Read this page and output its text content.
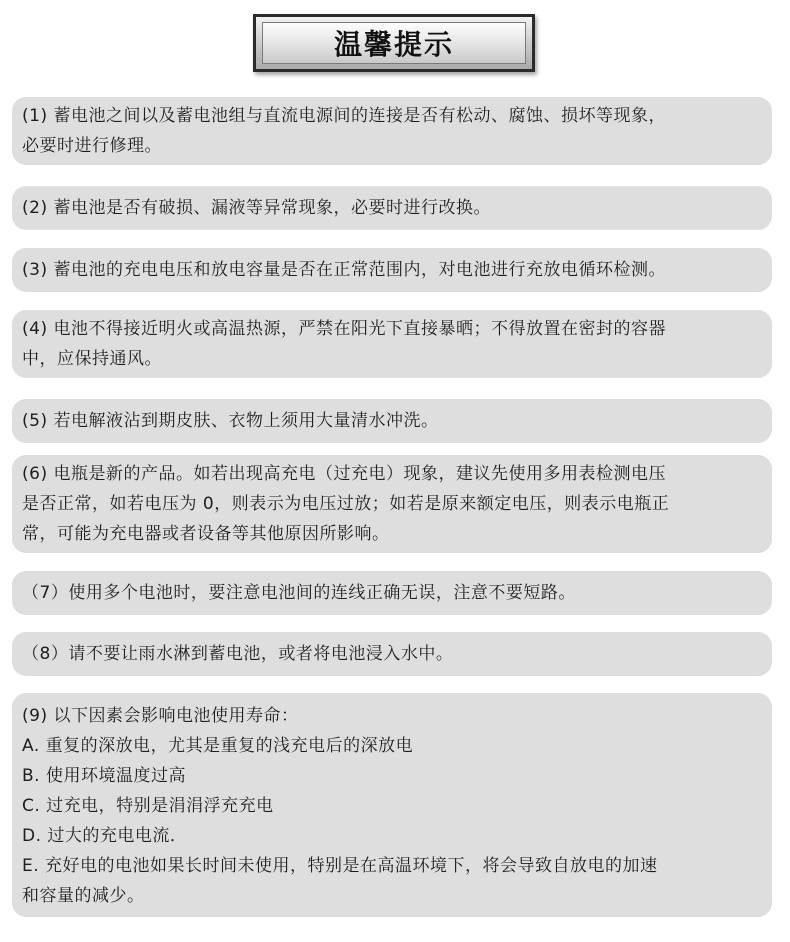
温馨提示
(1) 蓄电池之间以及蓄电池组与直流电源间的连接是否有松动、腐蚀、损坏等现象，
必要时进行修理。
(2) 蓄电池是否有破损、漏液等异常现象，必要时进行改换。
(3) 蓄电池的充电电压和放电容量是否在正常范围内，对电池进行充放电循环检测。
(4) 电池不得接近明火或高温热源，严禁在阳光下直接暴晒；不得放置在密封的容器
中，应保持通风。
(5) 若电解液沾到期皮肤、衣物上须用大量清水冲洗。
(6) 电瓶是新的产品。如若出现高充电（过充电）现象，建议先使用多用表检测电压
是否正常，如若电压为 0，则表示为电压过放；如若是原来额定电压，则表示电瓶正
常，可能为充电器或者设备等其他原因所影响。
（7）使用多个电池时，要注意电池间的连线正确无误，注意不要短路。
（8）请不要让雨水淋到蓄电池，或者将电池浸入水中。
(9) 以下因素会影响电池使用寿命：
A. 重复的深放电，尤其是重复的浅充电后的深放电
B. 使用环境温度过高
C. 过充电，特别是涓涓浮充充电
D. 过大的充电电流．
E. 充好电的电池如果长时间未使用，特别是在高温环境下，将会导致自放电的加速
和容量的减少。
